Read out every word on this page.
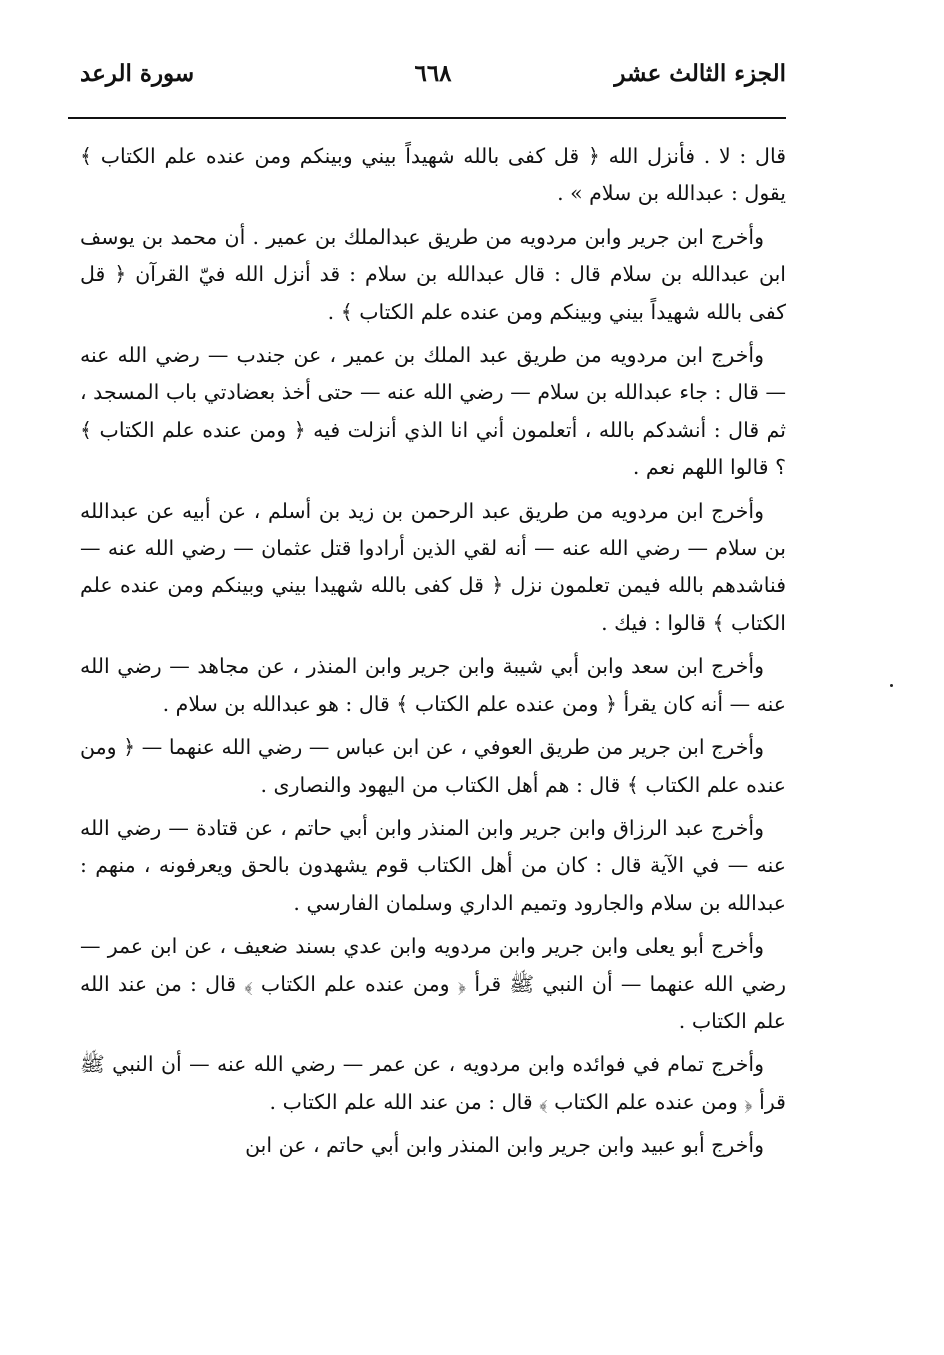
الجزء الثالث عشر
٦٦٨
سورة الرعد

قال : لا . فأنزل الله ﴿ قل كفى بالله شهيداً بيني وبينكم ومن عنده علم الكتاب ﴾ يقول : عبدالله بن سلام » .

وأخرج ابن جرير وابن مردويه من طريق عبدالملك بن عمير . أن محمد بن يوسف ابن عبدالله بن سلام قال : قال عبدالله بن سلام : قد أنزل الله فيّ القرآن ﴿ قل كفى بالله شهيداً بيني وبينكم ومن عنده علم الكتاب ﴾ .

وأخرج ابن مردويه من طريق عبد الملك بن عمير ، عن جندب — رضي الله عنه — قال : جاء عبدالله بن سلام — رضي الله عنه — حتى أخذ بعضادتي باب المسجد ، ثم قال : أنشدكم بالله ، أتعلمون أني انا الذي أنزلت فيه ﴿ ومن عنده علم الكتاب ﴾ ؟ قالوا اللهم نعم .

وأخرج ابن مردويه من طريق عبد الرحمن بن زيد بن أسلم ، عن أبيه عن عبدالله بن سلام — رضي الله عنه — أنه لقي الذين أرادوا قتل عثمان — رضي الله عنه — فناشدهم بالله فيمن تعلمون نزل ﴿ قل كفى بالله شهيدا بيني وبينكم ومن عنده علم الكتاب ﴾ قالوا : فيك .

وأخرج ابن سعد وابن أبي شيبة وابن جرير وابن المنذر ، عن مجاهد — رضي الله عنه — أنه كان يقرأ ﴿ ومن عنده علم الكتاب ﴾ قال : هو عبدالله بن سلام .

وأخرج ابن جرير من طريق العوفي ، عن ابن عباس — رضي الله عنهما — ﴿ ومن عنده علم الكتاب ﴾ قال : هم أهل الكتاب من اليهود والنصارى .

وأخرج عبد الرزاق وابن جرير وابن المنذر وابن أبي حاتم ، عن قتادة — رضي الله عنه — في الآية قال : كان من أهل الكتاب قوم يشهدون بالحق ويعرفونه ، منهم : عبدالله بن سلام والجارود وتميم الداري وسلمان الفارسي .

وأخرج أبو يعلى وابن جرير وابن مردويه وابن عدي بسند ضعيف ، عن ابن عمر — رضي الله عنهما — أن النبي ﷺ قرأ ﴿ ومن عنده علم الكتاب ﴾ قال : من عند الله علم الكتاب .

وأخرج تمام في فوائده وابن مردويه ، عن عمر — رضي الله عنه — أن النبي ﷺ قرأ ﴿ ومن عنده علم الكتاب ﴾ قال : من عند الله علم الكتاب .

وأخرج أبو عبيد وابن جرير وابن المنذر وابن أبي حاتم ، عن ابن
